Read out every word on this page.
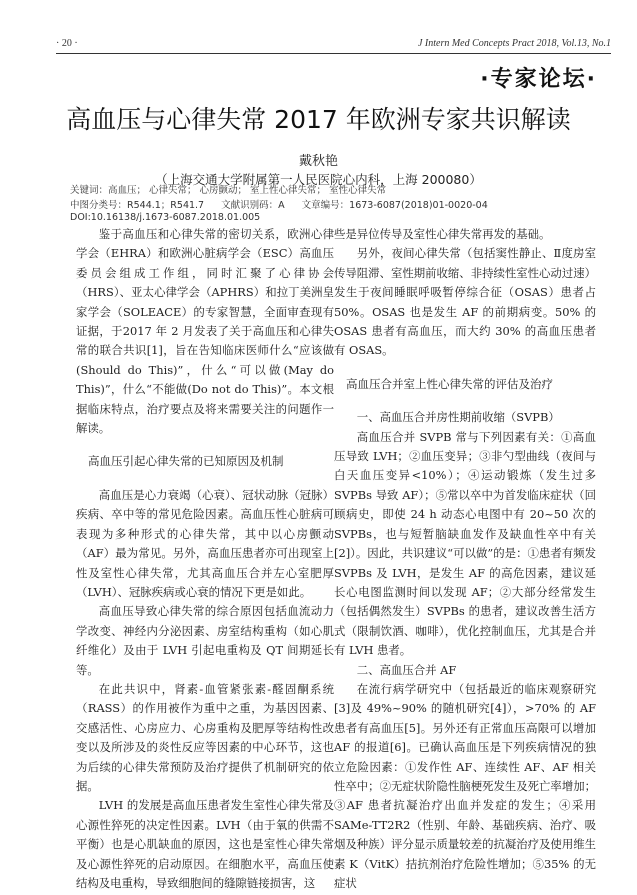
· 20 ·	J Intern Med Concepts Pract 2018, Vol.13, No.1
·专家论坛·
高血压与心律失常 2017 年欧洲专家共识解读
戴秋艳
（上海交通大学附属第一人民医院心内科，上海 200080）
关键词：高血压； 心律失常； 心房颤动； 室上性心律失常； 室性心律失常
中图分类号：R544.1；R541.7 文献识别码：A 文章编号：1673-6087(2018)01-0020-04
DOI:10.16138/j.1673-6087.2018.01.005

鉴于高血压和心律失常的密切关系，欧洲心律学会（EHRA）和欧洲心脏病学会（ESC）高血压委员会组成工作组，同时汇聚了心律协会（HRS）、亚太心律学会（APHRS）和拉丁美洲皇家学会（SOLEACE）的专家智慧，全面审查现有证据，于2017 年 2 月发表了关于高血压和心律失常的联合共识[1]，旨在告知临床医师什么“应该做(Should do This)”，什么“可以做(May do This)”，什么“不能做(Do not do This)”。本文根据临床特点，治疗要点及将来需要关注的问题作一解读。

高血压引起心律失常的已知原因及机制

高血压是心力衰竭（心衰）、冠状动脉（冠脉）疾病、卒中等的常见危险因素。高血压性心脏病可表现为多种形式的心律失常，其中以心房颤动（AF）最为常见。另外，高血压患者亦可出现室上性及室性心律失常，尤其高血压合并左心室肥厚（LVH）、冠脉疾病或心衰的情况下更是如此。

高血压导致心律失常的综合原因包括血流动力学改变、神经内分泌因素、房室结构重构（如心肌纤维化）及由于 LVH 引起电重构及 QT 间期延长等。

在此共识中，肾素-血管紧张素-醛固酮系统（RASS）的作用被作为重中之重，为基因因素、交感活性、心房应力、心房重构及肥厚等结构性改变以及所涉及的炎性反应等因素的中心环节，这也为后续的心律失常预防及治疗提供了机制研究的依据。

LVH 的发展是高血压患者发生室性心律失常及心源性猝死的决定性因素。LVH（由于氧的供需不平衡）也是心肌缺血的原因，这也是室性心律失常及心源性猝死的启动原因。在细胞水平，高血压使结构及电重构，导致细胞间的缝隙链接损害，这

些是异位传导及室性心律失常再发的基础。

另外，夜间心律失常（包括窦性静止、Ⅱ度房室传导阻滞、室性期前收缩、非持续性室性心动过速）发生于夜间睡眠呼吸暂停综合征（OSAS）患者占 50%。OSAS 也是发生 AF 的前期病变。50% 的 OSAS 患者有高血压，而大约 30% 的高血压患者有 OSAS。

高血压合并室上性心律失常的评估及治疗
一、高血压合并房性期前收缩（SVPB）

高血压合并 SVPB 常与下列因素有关：①高血压导致 LVH；②血压变异；③非勺型曲线（夜间与白天血压变异<10%）；④运动锻炼（发生过多 SVPBs 导致 AF）；⑤常以卒中为首发临床症状（回顾病史，即使 24 h 动态心电图中有 20~50 次的 SVPBs，也与短暂脑缺血发作及缺血性卒中有关[2]）。因此，共识建议“可以做”的是：①患者有频发 SVPBs 及 LVH，是发生 AF 的高危因素，建议延长心电图监测时间以发现 AF；②大部分经常发生（包括偶然发生）SVPBs 的患者，建议改善生活方式（限制饮酒、咖啡），优化控制血压，尤其是合并有 LVH 患者。

二、高血压合并 AF

在流行病学研究中（包括最近的临床观察研究[3]及 49%~90% 的随机研究[4]），>70% 的 AF 患者有高血压[5]。另外还有正常血压高限可以增加 AF 的报道[6]。已确认高血压是下列疾病情况的独立危险因素：①发作性 AF、连续性 AF、AF 相关性卒中；②无症状阶隐性脑梗死发生及死亡率增加；③AF 患者抗凝治疗出血并发症的发生；④采用 SAMe-TT2R2（性别、年龄、基础疾病、治疗、吸烟及种族）评分显示质量较差的抗凝治疗及使用维生素 K（VitK）拮抗剂治疗危险性增加；⑤35% 的无症状
